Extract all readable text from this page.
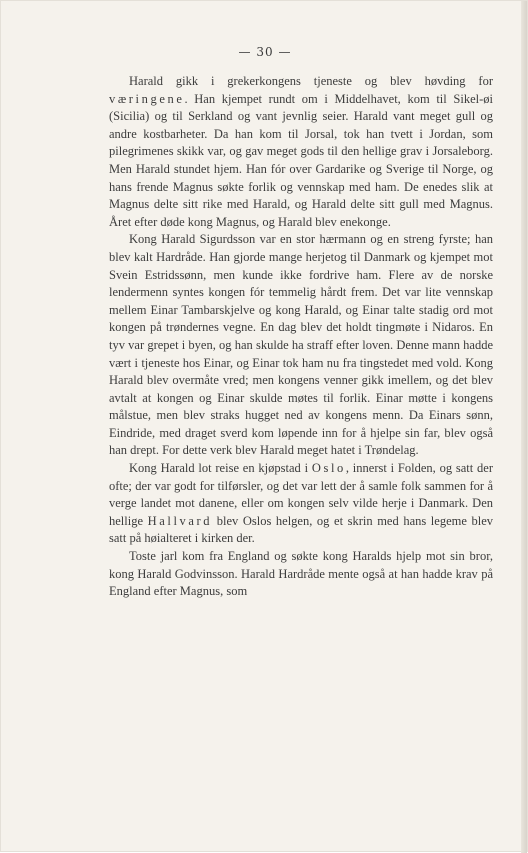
— 30 —

Harald gikk i grekerkongens tjeneste og blev høvding for væringene. Han kjempet rundt om i Middelhavet, kom til Sikel-øi (Sicilia) og til Serkland og vant jevnlig seier. Harald vant meget gull og andre kostbarheter. Da han kom til Jorsal, tok han tvett i Jordan, som pilegrimenes skikk var, og gav meget gods til den hellige grav i Jorsaleborg. Men Harald stundet hjem. Han fór over Gardarike og Sverige til Norge, og hans frende Magnus søkte forlik og vennskap med ham. De enedes slik at Magnus delte sitt rike med Harald, og Harald delte sitt gull med Magnus. Året efter døde kong Magnus, og Harald blev enekonge.

Kong Harald Sigurdsson var en stor hærmann og en streng fyrste; han blev kalt Hardråde. Han gjorde mange herjetog til Danmark og kjempet mot Svein Estridssønn, men kunde ikke fordrive ham. Flere av de norske lendermenn syntes kongen fór temmelig hårdt frem. Det var lite vennskap mellem Einar Tambarskjelve og kong Harald, og Einar talte stadig ord mot kongen på trøndernes vegne. En dag blev det holdt tingmøte i Nidaros. En tyv var grepet i byen, og han skulde ha straff efter loven. Denne mann hadde vært i tjeneste hos Einar, og Einar tok ham nu fra tingstedet med vold. Kong Harald blev overmåte vred; men kongens venner gikk imellem, og det blev avtalt at kongen og Einar skulde møtes til forlik. Einar møtte i kongens målstue, men blev straks hugget ned av kongens menn. Da Einars sønn, Eindride, med draget sverd kom løpende inn for å hjelpe sin far, blev også han drept. For dette verk blev Harald meget hatet i Trøndelag.

Kong Harald lot reise en kjøpstad i Oslo, innerst i Folden, og satt der ofte; der var godt for tilførsler, og det var lett der å samle folk sammen for å verge landet mot danene, eller om kongen selv vilde herje i Danmark. Den hellige Hallvard blev Oslos helgen, og et skrin med hans legeme blev satt på høialteret i kirken der.

Toste jarl kom fra England og søkte kong Haralds hjelp mot sin bror, kong Harald Godvinsson. Harald Hardråde mente også at han hadde krav på England efter Magnus, som
